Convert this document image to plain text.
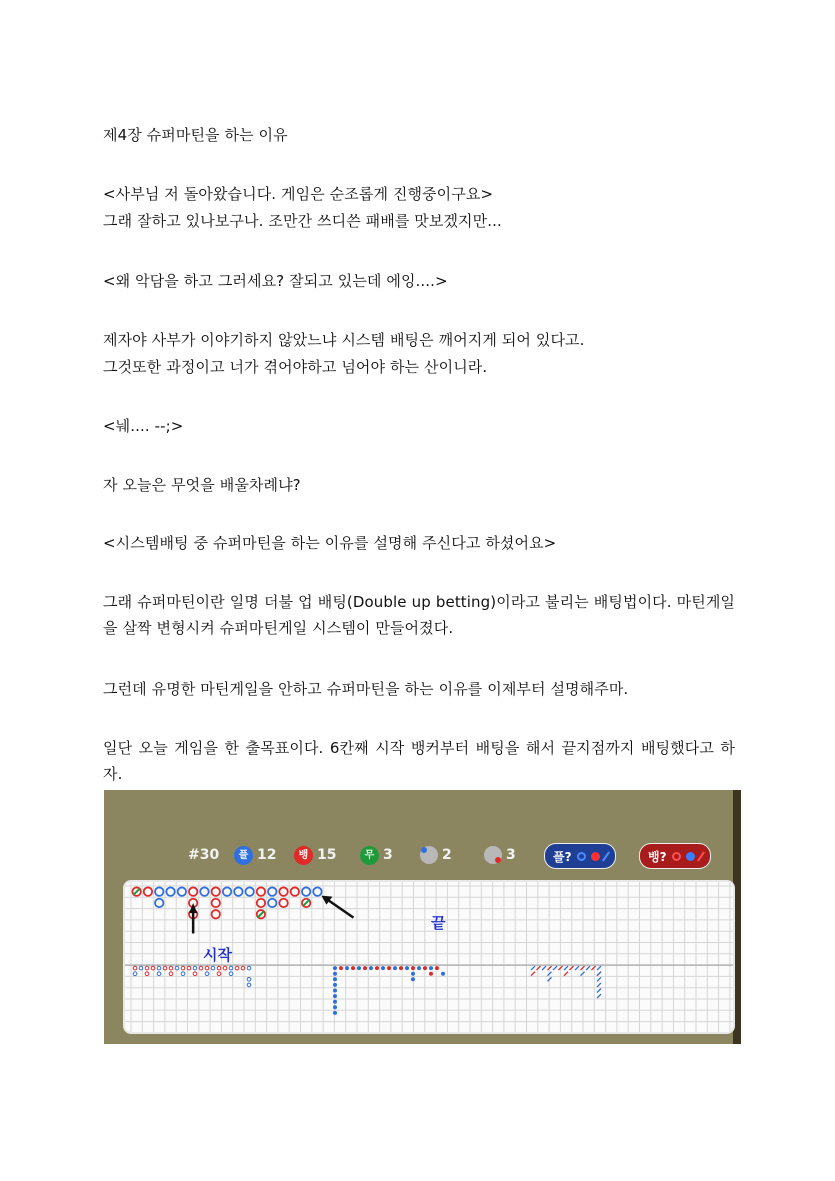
제4장 슈퍼마틴을 하는 이유

<사부님 저 돌아왔습니다. 게임은 순조롭게 진행중이구요>

그래 잘하고 있나보구나. 조만간 쓰디쓴 패배를 맛보겠지만...

<왜 악담을 하고 그러세요? 잘되고 있는데 에잉....>

제자야 사부가 이야기하지 않았느냐 시스템 배팅은 깨어지게 되어 있다고.

그것또한 과정이고 너가 겪어야하고 넘어야 하는 산이니라.

<눼.... --;>

자 오늘은 무엇을 배울차례냐?

<시스템배팅 중 슈퍼마틴을 하는 이유를 설명해 주신다고 하셨어요>

그래 슈퍼마틴이란 일명 더불 업 배팅(Double up betting)이라고 불리는 배팅법이다. 마틴게일을 살짝 변형시켜 슈퍼마틴게일 시스템이 만들어졌다.

그런데 유명한 마틴게일을 안하고 슈퍼마틴을 하는 이유를 이제부터 설명해주마.

일단 오늘 게임을 한 출목표이다. 6칸째 시작 뱅커부터 배팅을 해서 끝지점까지 배팅했다고 하자.

#30	플 12	뱅 15	무 3	2	3	플?	뱅?
시작
끝
